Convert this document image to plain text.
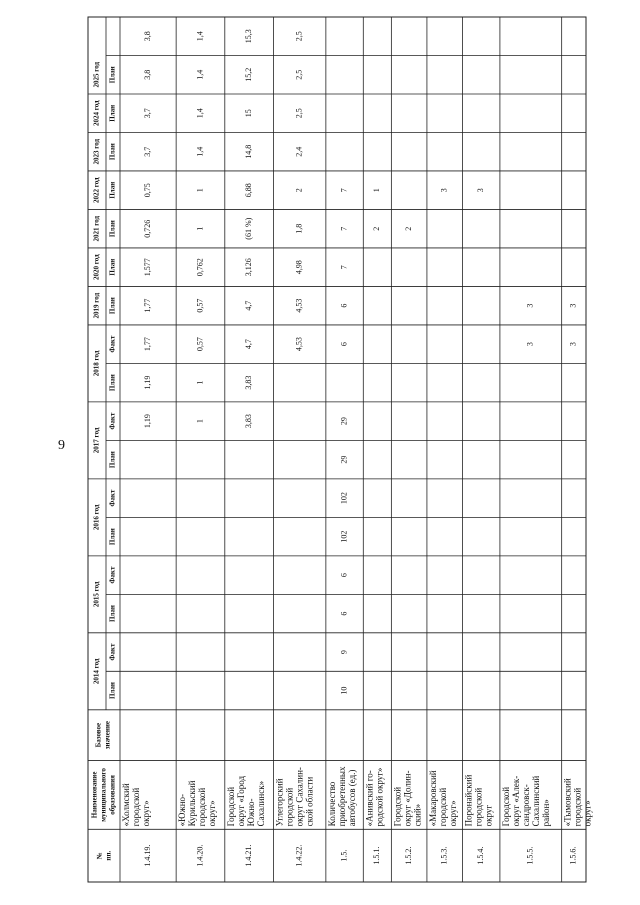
9
№ пп.
Наименование муниципального образования
Базовое значение
2014 год
План
Факт
2015 год
План
Факт
2016 год
План
Факт
2017 год
План
Факт
2018 год
План
Факт
2019 год План
2020 год План
2021 год План
2022 год План
2023 год План
2024 год План
2025 год План
1.4.19.
«Холмский городской округ»
1,19
1,19
1,77
1,77
1,577
0,726
0,75
3,7
3,7
3,8
3,8
1.4.20.
«Южно- Курильский городской округ»
1
1
0,57
0,57
0,762
1
1
1,4
1,4
1,4
1,4
1.4.21.
Городской округ «Город Южно- Сахалинск»
3,83
3,83
4,7
4,7
3,126
(61 %)
6,88
14,8
15
15,2
15,3
1.4.22.
Углегорский городской округ Сахалин- ской области
4,53
4,53
4,98
1,8
2
2,4
2,5
2,5
2,5
1.5.
Количество приобретенных автобусов (ед.)
10
9
6
6
102
102
29
29
6
6
7
7
7
1.5.1.
«Анивский го- родской округ»
2
1
1.5.2.
Городской округ «Долин- ский»
2
1.5.3.
«Макаровский городской округ»
3
1.5.4.
Поронайский городской округ
3
1.5.5.
Городской округ «Алек- сандровск- Сахалинский район»
3
3
1.5.6.
«Тымовский городской округ»
3
3
